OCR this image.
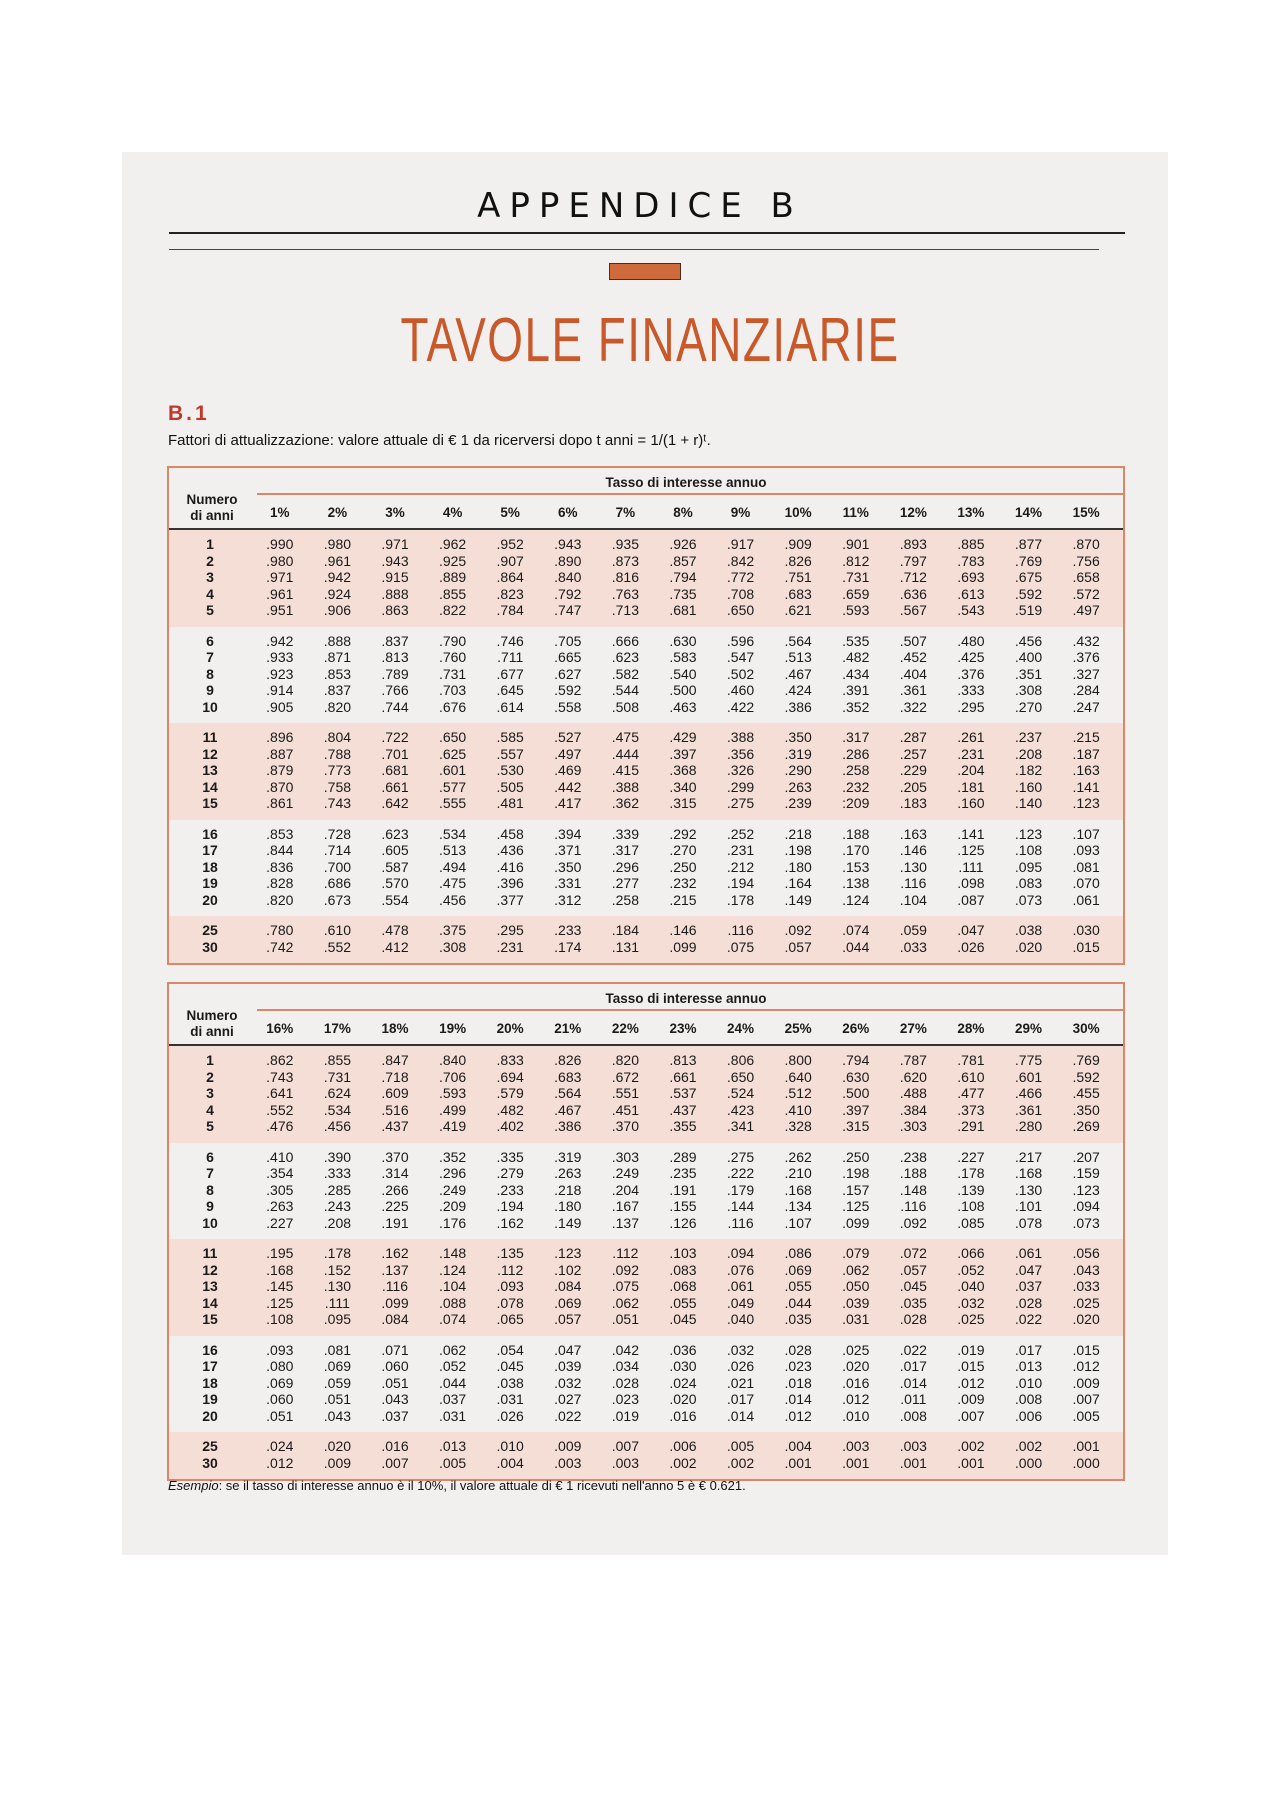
APPENDICE B
TAVOLE FINANZIARIE
B.1
Fattori di attualizzazione: valore attuale di € 1 da ricerversi dopo t anni = 1/(1 + r)ᵗ.
Tasso di interesse annuo
Numero
di anni	1%	2%	3%	4%	5%	6%	7%	8%	9%	10%	11%	12%	13%	14%	15%
1	.990	.980	.971	.962	.952	.943	.935	.926	.917	.909	.901	.893	.885	.877	.870
2	.980	.961	.943	.925	.907	.890	.873	.857	.842	.826	.812	.797	.783	.769	.756
3	.971	.942	.915	.889	.864	.840	.816	.794	.772	.751	.731	.712	.693	.675	.658
4	.961	.924	.888	.855	.823	.792	.763	.735	.708	.683	.659	.636	.613	.592	.572
5	.951	.906	.863	.822	.784	.747	.713	.681	.650	.621	.593	.567	.543	.519	.497
6	.942	.888	.837	.790	.746	.705	.666	.630	.596	.564	.535	.507	.480	.456	.432
7	.933	.871	.813	.760	.711	.665	.623	.583	.547	.513	.482	.452	.425	.400	.376
8	.923	.853	.789	.731	.677	.627	.582	.540	.502	.467	.434	.404	.376	.351	.327
9	.914	.837	.766	.703	.645	.592	.544	.500	.460	.424	.391	.361	.333	.308	.284
10	.905	.820	.744	.676	.614	.558	.508	.463	.422	.386	.352	.322	.295	.270	.247
11	.896	.804	.722	.650	.585	.527	.475	.429	.388	.350	.317	.287	.261	.237	.215
12	.887	.788	.701	.625	.557	.497	.444	.397	.356	.319	.286	.257	.231	.208	.187
13	.879	.773	.681	.601	.530	.469	.415	.368	.326	.290	.258	.229	.204	.182	.163
14	.870	.758	.661	.577	.505	.442	.388	.340	.299	.263	.232	.205	.181	.160	.141
15	.861	.743	.642	.555	.481	.417	.362	.315	.275	.239	:209	.183	.160	.140	.123
16	.853	.728	.623	.534	.458	.394	.339	.292	.252	.218	.188	.163	.141	.123	.107
17	.844	.714	.605	.513	.436	.371	.317	.270	.231	.198	.170	.146	.125	.108	.093
18	.836	.700	.587	.494	.416	.350	.296	.250	.212	.180	.153	.130	.111	.095	.081
19	.828	.686	.570	.475	.396	.331	.277	.232	.194	.164	.138	.116	.098	.083	.070
20	.820	.673	.554	.456	.377	.312	.258	.215	.178	.149	.124	.104	.087	.073	.061
25	.780	.610	.478	.375	.295	.233	.184	.146	.116	.092	.074	.059	.047	.038	.030
30	.742	.552	.412	.308	.231	.174	.131	.099	.075	.057	.044	.033	.026	.020	.015
Tasso di interesse annuo
Numero
di anni	16%	17%	18%	19%	20%	21%	22%	23%	24%	25%	26%	27%	28%	29%	30%
1	.862	.855	.847	.840	.833	.826	.820	.813	.806	.800	.794	.787	.781	.775	.769
2	.743	.731	.718	.706	.694	.683	.672	.661	.650	.640	.630	.620	.610	.601	.592
3	.641	.624	.609	.593	.579	.564	.551	.537	.524	.512	.500	.488	.477	.466	.455
4	.552	.534	.516	.499	.482	.467	.451	.437	.423	.410	.397	.384	.373	.361	.350
5	.476	.456	.437	.419	.402	.386	.370	.355	.341	.328	.315	.303	.291	.280	.269
6	.410	.390	.370	.352	.335	.319	.303	.289	.275	.262	.250	.238	.227	.217	.207
7	.354	.333	.314	.296	.279	.263	.249	.235	.222	.210	.198	.188	.178	.168	.159
8	.305	.285	.266	.249	.233	.218	.204	.191	.179	.168	.157	.148	.139	.130	.123
9	.263	.243	.225	.209	.194	.180	.167	.155	.144	.134	.125	.116	.108	.101	.094
10	.227	.208	.191	.176	.162	.149	.137	.126	.116	.107	.099	.092	.085	.078	.073
11	.195	.178	.162	.148	.135	.123	.112	.103	.094	.086	.079	.072	.066	.061	.056
12	.168	.152	.137	.124	.112	.102	.092	.083	.076	.069	.062	.057	.052	.047	.043
13	.145	.130	.116	.104	.093	.084	.075	.068	.061	.055	.050	.045	.040	.037	.033
14	.125	.111	.099	.088	.078	.069	.062	.055	.049	.044	.039	.035	.032	.028	.025
15	.108	.095	.084	.074	.065	.057	.051	.045	.040	.035	.031	.028	.025	.022	.020
16	.093	.081	.071	.062	.054	.047	.042	.036	.032	.028	.025	.022	.019	.017	.015
17	.080	.069	.060	.052	.045	.039	.034	.030	.026	.023	.020	.017	.015	.013	.012
18	.069	.059	.051	.044	.038	.032	.028	.024	.021	.018	.016	.014	.012	.010	.009
19	.060	.051	.043	.037	.031	.027	.023	.020	.017	.014	.012	.011	.009	.008	.007
20	.051	.043	.037	.031	.026	.022	.019	.016	.014	.012	.010	.008	.007	.006	.005
25	.024	.020	.016	.013	.010	.009	.007	.006	.005	.004	.003	.003	.002	.002	.001
30	.012	.009	.007	.005	.004	.003	.003	.002	.002	.001	.001	.001	.001	.000	.000
Esempio: se il tasso di interesse annuo è il 10%, il valore attuale di € 1 ricevuti nell'anno 5 è € 0.621.
